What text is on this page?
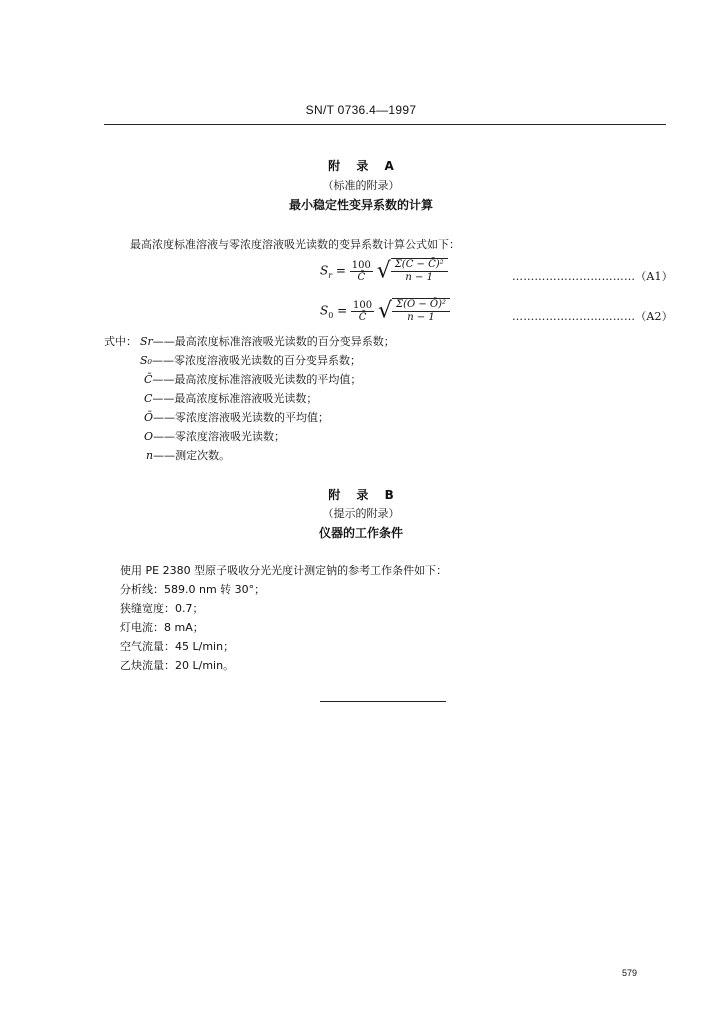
SN/T 0736.4—1997
附 录 A
（标准的附录）
最小稳定性变异系数的计算
最高浓度标准溶液与零浓度溶液吸光读数的变异系数计算公式如下：
$S_r = \frac{100}{C̄}$ √ $\frac{\text{Σ(C − C̄)²}}{n - 1}$	……………………………（A1）
$S_0 = \frac{100}{C̄}$ √ $\frac{\text{Σ(O − Ō)²}}{n - 1}$	……………………………（A2）
式中： Sr——最高浓度标准溶液吸光读数的百分变异系数；
S₀——零浓度溶液吸光读数的百分变异系数；
C̄——最高浓度标准溶液吸光读数的平均值；
C——最高浓度标准溶液吸光读数；
Ō——零浓度溶液吸光读数的平均值；
O——零浓度溶液吸光读数；
n——测定次数。
附 录 B
（提示的附录）
仪器的工作条件
使用 PE 2380 型原子吸收分光光度计测定钠的参考工作条件如下：
分析线：589.0 nm 转 30°；
狭缝宽度：0.7；
灯电流：8 mA；
空气流量：45 L/min；
乙炔流量：20 L/min。
579
